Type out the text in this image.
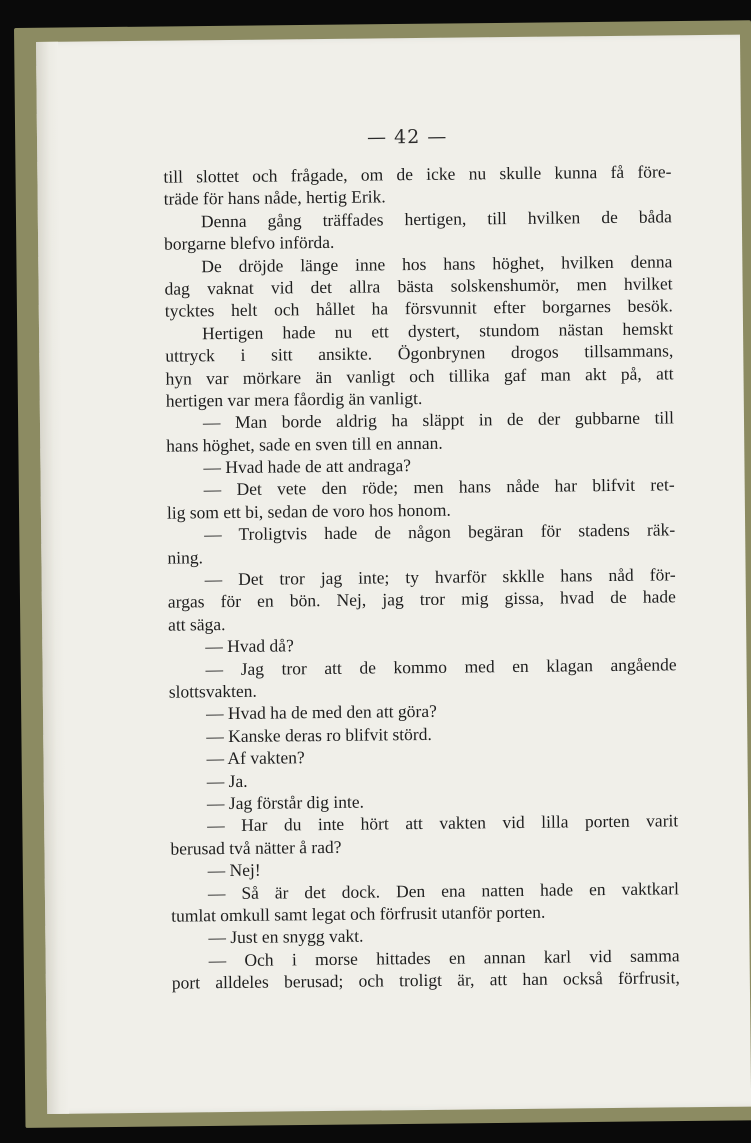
— 42 —
till slottet och frågade, om de icke nu skulle kunna få före-
träde för hans nåde, hertig Erik.
Denna gång träffades hertigen, till hvilken de båda
borgarne blefvo införda.
De dröjde länge inne hos hans höghet, hvilken denna
dag vaknat vid det allra bästa solskenshumör, men hvilket
tycktes helt och hållet ha försvunnit efter borgarnes besök.
Hertigen hade nu ett dystert, stundom nästan hemskt
uttryck i sitt ansikte. Ögonbrynen drogos tillsammans,
hyn var mörkare än vanligt och tillika gaf man akt på, att
hertigen var mera fåordig än vanligt.
— Man borde aldrig ha släppt in de der gubbarne till
hans höghet, sade en sven till en annan.
— Hvad hade de att andraga?
— Det vete den röde; men hans nåde har blifvit ret-
lig som ett bi, sedan de voro hos honom.
— Troligtvis hade de någon begäran för stadens räk-
ning.
— Det tror jag inte; ty hvarför skklle hans nåd för-
argas för en bön. Nej, jag tror mig gissa, hvad de hade
att säga.
— Hvad då?
— Jag tror att de kommo med en klagan angående
slottsvakten.
— Hvad ha de med den att göra?
— Kanske deras ro blifvit störd.
— Af vakten?
— Ja.
— Jag förstår dig inte.
— Har du inte hört att vakten vid lilla porten varit
berusad två nätter å rad?
— Nej!
— Så är det dock. Den ena natten hade en vaktkarl
tumlat omkull samt legat och förfrusit utanför porten.
— Just en snygg vakt.
— Och i morse hittades en annan karl vid samma
port alldeles berusad; och troligt är, att han också förfrusit,
